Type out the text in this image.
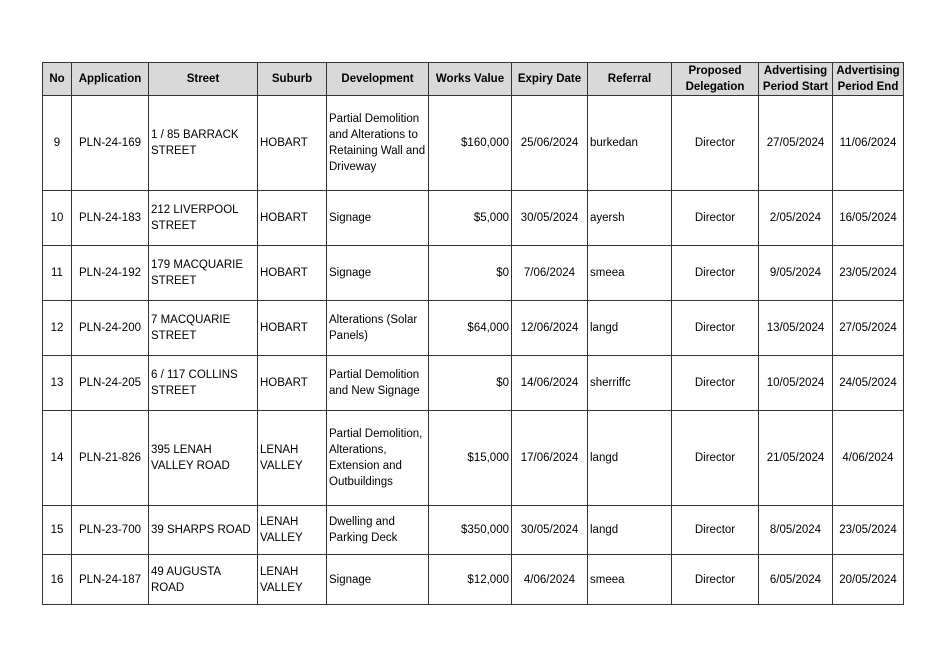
No	Application	Street	Suburb	Development	Works Value	Expiry Date	Referral	Proposed Delegation	Advertising Period Start	Advertising Period End
9	PLN-24-169	1 / 85 BARRACK STREET	HOBART	Partial Demolition and Alterations to Retaining Wall and Driveway	$160,000	25/06/2024	burkedan	Director	27/05/2024	11/06/2024
10	PLN-24-183	212 LIVERPOOL STREET	HOBART	Signage	$5,000	30/05/2024	ayersh	Director	2/05/2024	16/05/2024
11	PLN-24-192	179 MACQUARIE STREET	HOBART	Signage	$0	7/06/2024	smeea	Director	9/05/2024	23/05/2024
12	PLN-24-200	7 MACQUARIE STREET	HOBART	Alterations (Solar Panels)	$64,000	12/06/2024	langd	Director	13/05/2024	27/05/2024
13	PLN-24-205	6 / 117 COLLINS STREET	HOBART	Partial Demolition and New Signage	$0	14/06/2024	sherriffc	Director	10/05/2024	24/05/2024
14	PLN-21-826	395 LENAH VALLEY ROAD	LENAH VALLEY	Partial Demolition, Alterations, Extension and Outbuildings	$15,000	17/06/2024	langd	Director	21/05/2024	4/06/2024
15	PLN-23-700	39 SHARPS ROAD	LENAH VALLEY	Dwelling and Parking Deck	$350,000	30/05/2024	langd	Director	8/05/2024	23/05/2024
16	PLN-24-187	49 AUGUSTA ROAD	LENAH VALLEY	Signage	$12,000	4/06/2024	smeea	Director	6/05/2024	20/05/2024
